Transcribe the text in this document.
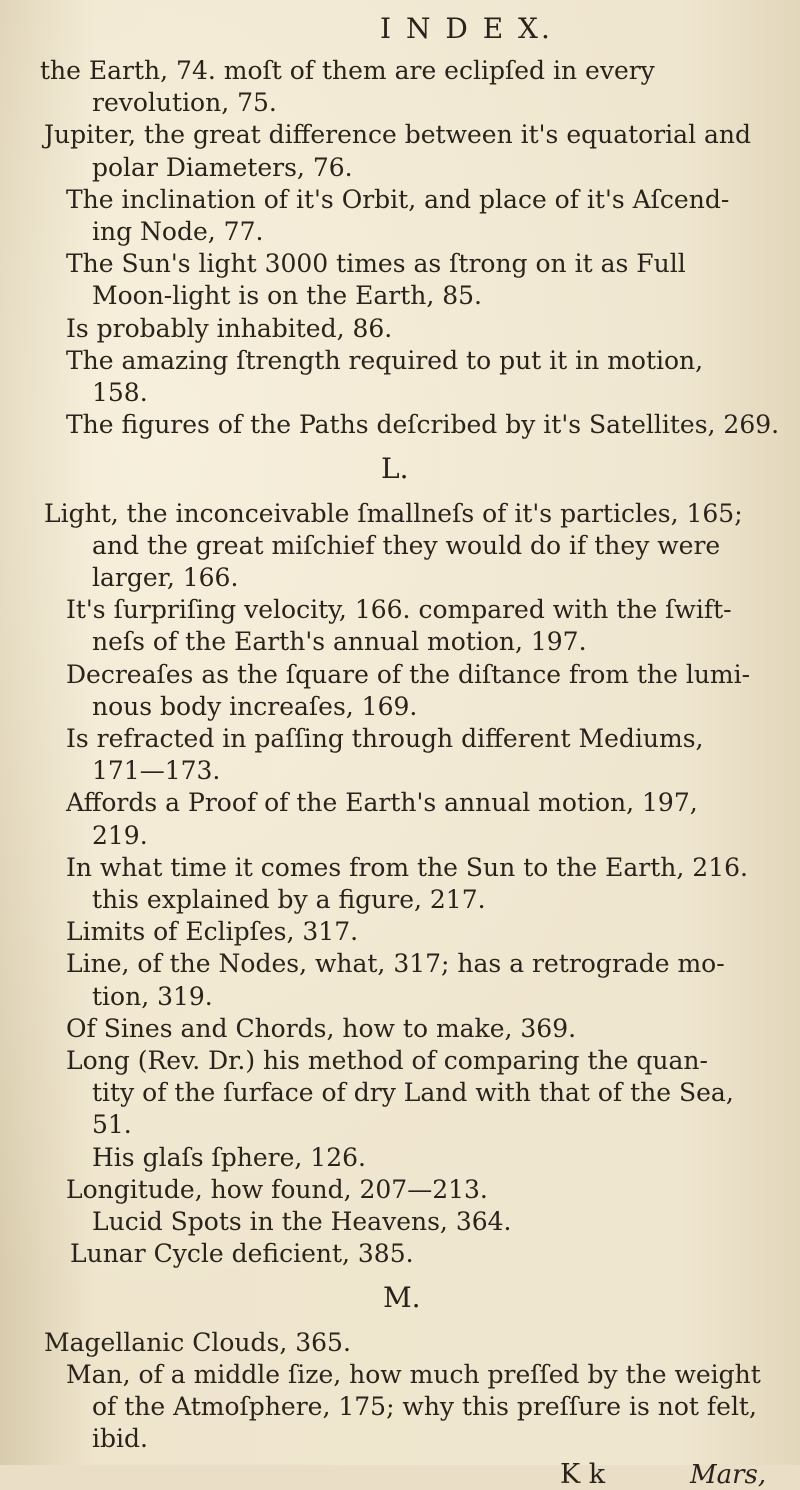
I N D E X.
the Earth, 74. moſt of them are eclipſed in every
revolution, 75.
Jupiter, the great difference between it's equatorial and
polar Diameters, 76.
The inclination of it's Orbit, and place of it's Aſcend-
ing Node, 77.
The Sun's light 3000 times as ſtrong on it as Full
Moon-light is on the Earth, 85.
Is probably inhabited, 86.
The amazing ſtrength required to put it in motion,
158.
The figures of the Paths deſcribed by it's Satellites, 269.
L.
Light, the inconceivable ſmallneſs of it's particles, 165;
and the great miſchief they would do if they were
larger, 166.
It's ſurpriſing velocity, 166. compared with the ſwift-
neſs of the Earth's annual motion, 197.
Decreaſes as the ſquare of the diſtance from the lumi-
nous body increaſes, 169.
Is refracted in paſſing through different Mediums,
171—173.
Affords a Proof of the Earth's annual motion, 197,
219.
In what time it comes from the Sun to the Earth, 216.
this explained by a figure, 217.
Limits of Eclipſes, 317.
Line, of the Nodes, what, 317; has a retrograde mo-
tion, 319.
Of Sines and Chords, how to make, 369.
Long (Rev. Dr.) his method of comparing the quan-
tity of the ſurface of dry Land with that of the Sea,
51.
His glaſs ſphere, 126.
Longitude, how found, 207—213.
Lucid Spots in the Heavens, 364.
Lunar Cycle deficient, 385.
M.
Magellanic Clouds, 365.
Man, of a middle ſize, how much preſſed by the weight
of the Atmoſphere, 175; why this preſſure is not felt,
ibid.
K k	Mars,
